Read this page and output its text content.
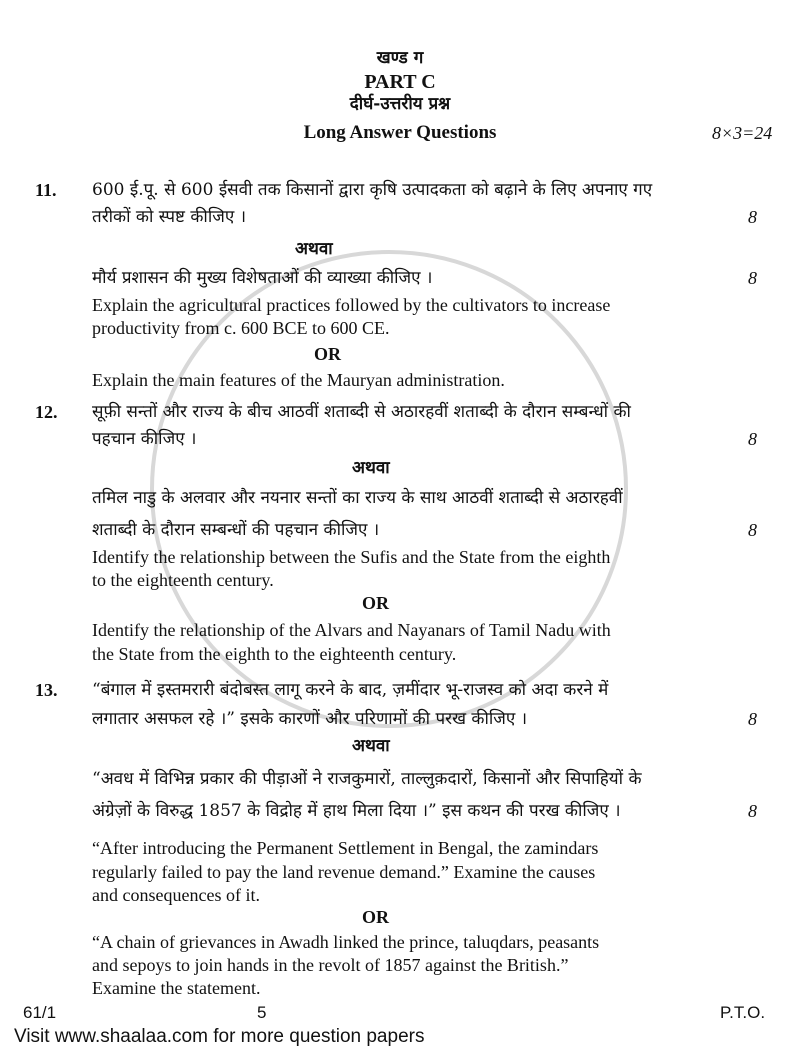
खण्ड ग
PART C
दीर्घ-उत्तरीय प्रश्न
Long Answer Questions	8×3=24
11.	600 ई.पू. से 600 ईसवी तक किसानों द्वारा कृषि उत्पादकता को बढ़ाने के लिए अपनाए गए
तरीकों को स्पष्ट कीजिए ।	8
अथवा
मौर्य प्रशासन की मुख्य विशेषताओं की व्याख्या कीजिए ।	8
Explain the agricultural practices followed by the cultivators to increase
productivity from c. 600 BCE to 600 CE.
OR
Explain the main features of the Mauryan administration.
12.	सूफ़ी सन्तों और राज्य के बीच आठवीं शताब्दी से अठारहवीं शताब्दी के दौरान सम्बन्धों की
पहचान कीजिए ।	8
अथवा
तमिल नाडु के अलवार और नयनार सन्तों का राज्य के साथ आठवीं शताब्दी से अठारहवीं
शताब्दी के दौरान सम्बन्धों की पहचान कीजिए ।	8
Identify the relationship between the Sufis and the State from the eighth
to the eighteenth century.
OR
Identify the relationship of the Alvars and Nayanars of Tamil Nadu with
the State from the eighth to the eighteenth century.
13.	“बंगाल में इस्तमरारी बंदोबस्त लागू करने के बाद, ज़मींदार भू-राजस्व को अदा करने में
लगातार असफल रहे ।” इसके कारणों और परिणामों की परख कीजिए ।	8
अथवा
“अवध में विभिन्न प्रकार की पीड़ाओं ने राजकुमारों, ताल्लुक़दारों, किसानों और सिपाहियों के
अंग्रेज़ों के विरुद्ध 1857 के विद्रोह में हाथ मिला दिया ।” इस कथन की परख कीजिए ।	8
“After introducing the Permanent Settlement in Bengal, the zamindars
regularly failed to pay the land revenue demand.” Examine the causes
and consequences of it.
OR
“A chain of grievances in Awadh linked the prince, taluqdars, peasants
and sepoys to join hands in the revolt of 1857 against the British.”
Examine the statement.
61/1	5	P.T.O.
Visit www.shaalaa.com for more question papers
